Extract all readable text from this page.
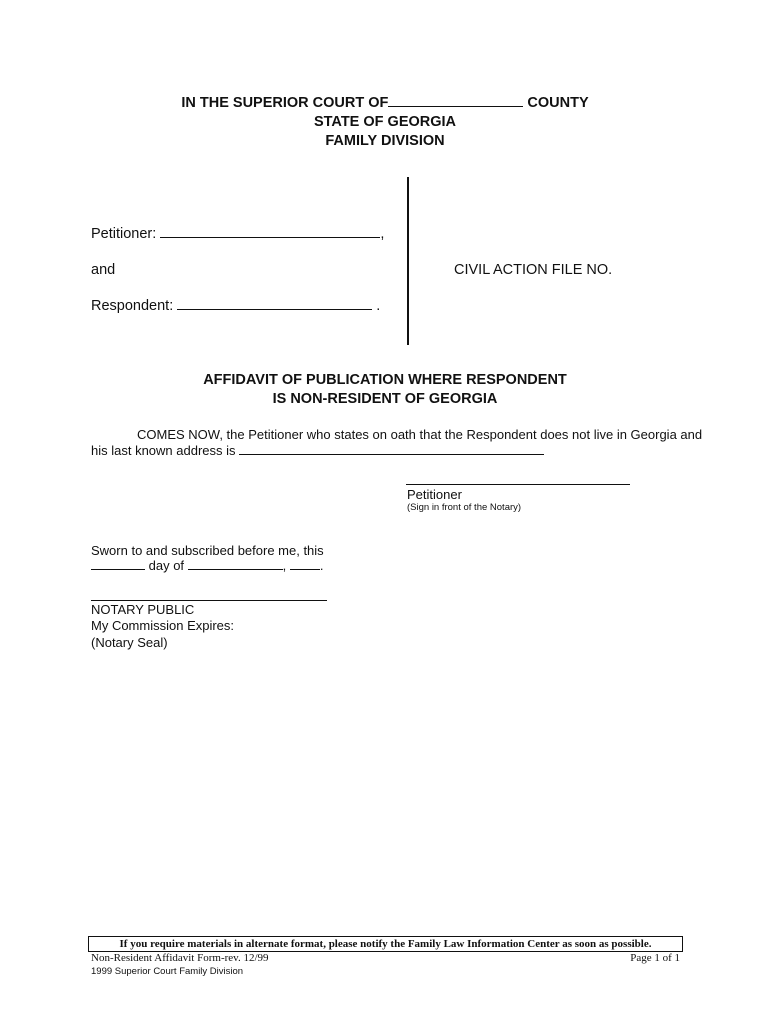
IN THE SUPERIOR COURT OF	COUNTY
STATE OF GEORGIA
FAMILY DIVISION
Petitioner:	,
and
Respondent:	.
CIVIL ACTION FILE NO.
AFFIDAVIT OF PUBLICATION WHERE RESPONDENT
IS NON-RESIDENT OF GEORGIA
COMES NOW, the Petitioner who states on oath that the Respondent does not live in Georgia and
his last known address is
Petitioner
(Sign in front of the Notary)
Sworn to and subscribed before me, this
day of	,	.
NOTARY PUBLIC
My Commission Expires:
(Notary Seal)
If you require materials in alternate format, please notify the Family Law Information Center as soon as possible.
Non-Resident Affidavit Form-rev. 12/99	Page 1 of 1
1999 Superior Court Family Division
